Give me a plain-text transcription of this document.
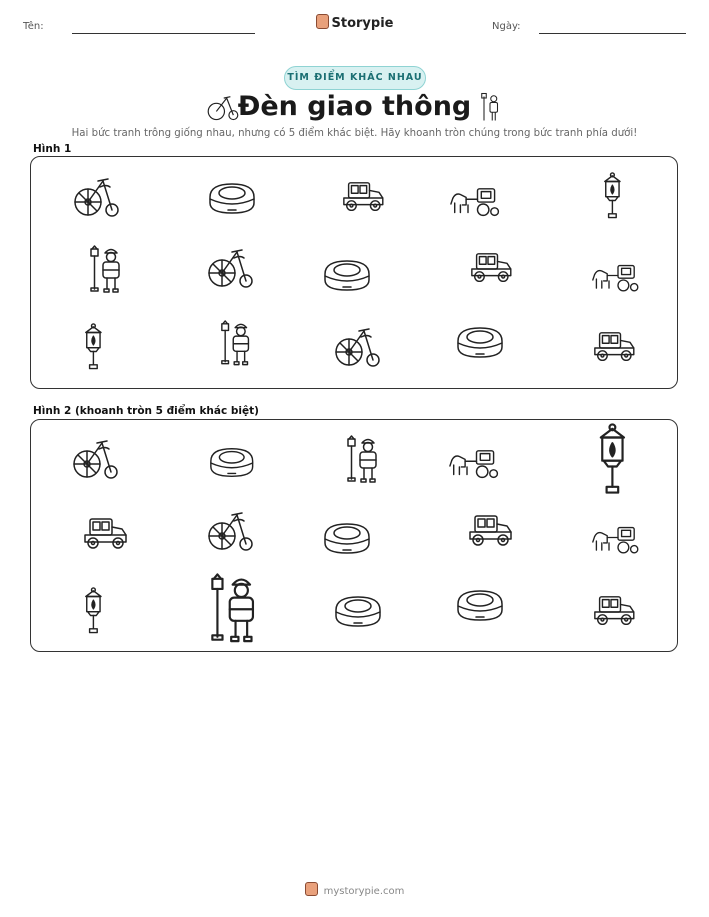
Tên:	Storypie	Ngày:
TÌM ĐIỂM KHÁC NHAU
Đèn giao thông
Hai bức tranh trông giống nhau, nhưng có 5 điểm khác biệt. Hãy khoanh tròn chúng trong bức tranh phía dưới!
Hình 1
Hình 2 (khoanh tròn 5 điểm khác biệt)
mystorypie.com
